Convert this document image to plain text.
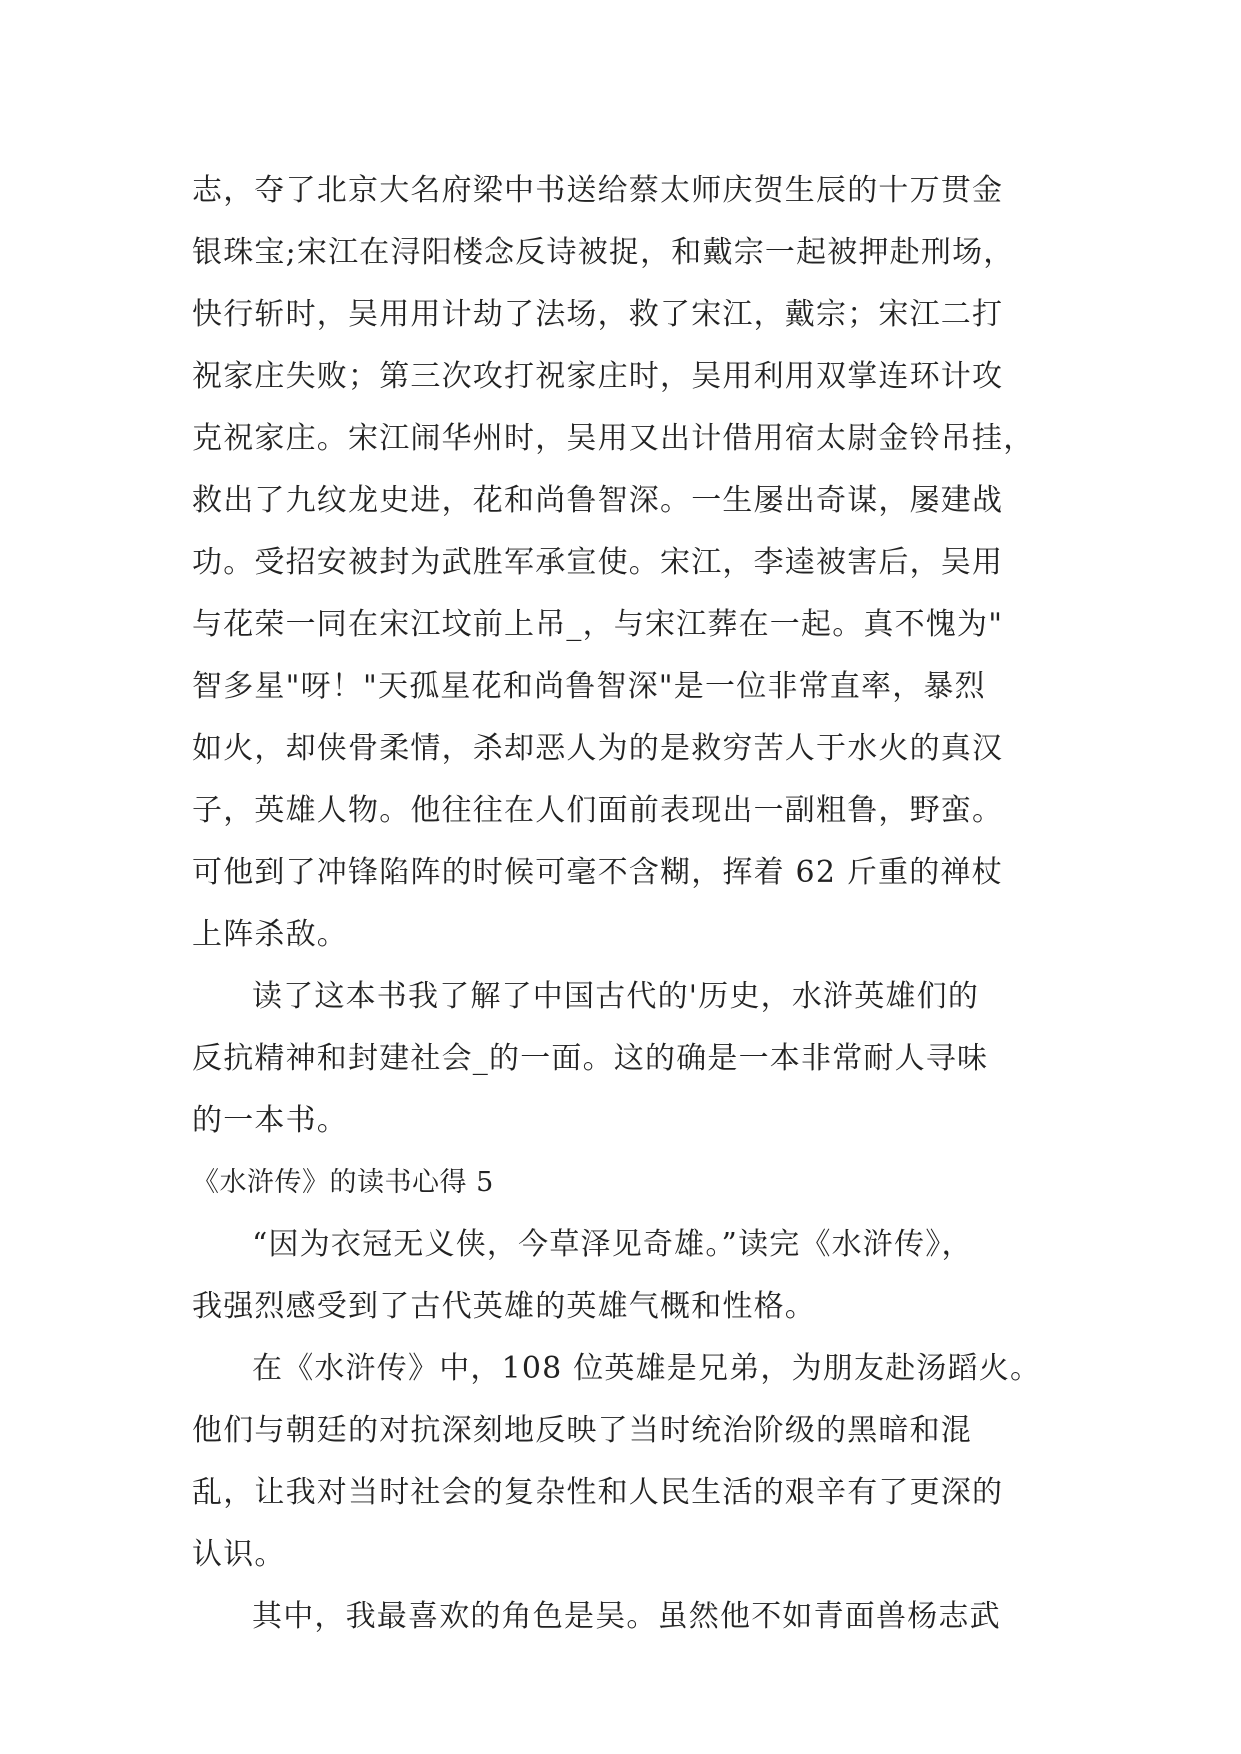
志，夺了北京大名府梁中书送给蔡太师庆贺生辰的十万贯金
银珠宝;宋江在浔阳楼念反诗被捉，和戴宗一起被押赴刑场，
快行斩时，吴用用计劫了法场，救了宋江，戴宗；宋江二打
祝家庄失败；第三次攻打祝家庄时，吴用利用双掌连环计攻
克祝家庄。宋江闹华州时，吴用又出计借用宿太尉金铃吊挂，
救出了九纹龙史进，花和尚鲁智深。一生屡出奇谋，屡建战
功。受招安被封为武胜军承宣使。宋江，李逵被害后，吴用
与花荣一同在宋江坟前上吊_，与宋江葬在一起。真不愧为"
智多星"呀！"天孤星花和尚鲁智深"是一位非常直率，暴烈
如火，却侠骨柔情，杀却恶人为的是救穷苦人于水火的真汉
子，英雄人物。他往往在人们面前表现出一副粗鲁，野蛮。
可他到了冲锋陷阵的时候可毫不含糊，挥着 62 斤重的禅杖
上阵杀敌。
读了这本书我了解了中国古代的'历史，水浒英雄们的
反抗精神和封建社会_的一面。这的确是一本非常耐人寻味
的一本书。
《水浒传》的读书心得 5
“因为衣冠无义侠，今草泽见奇雄。”读完《水浒传》，
我强烈感受到了古代英雄的英雄气概和性格。
在《水浒传》中，108 位英雄是兄弟，为朋友赴汤蹈火。
他们与朝廷的对抗深刻地反映了当时统治阶级的黑暗和混
乱，让我对当时社会的复杂性和人民生活的艰辛有了更深的
认识。
其中，我最喜欢的角色是吴。虽然他不如青面兽杨志武
